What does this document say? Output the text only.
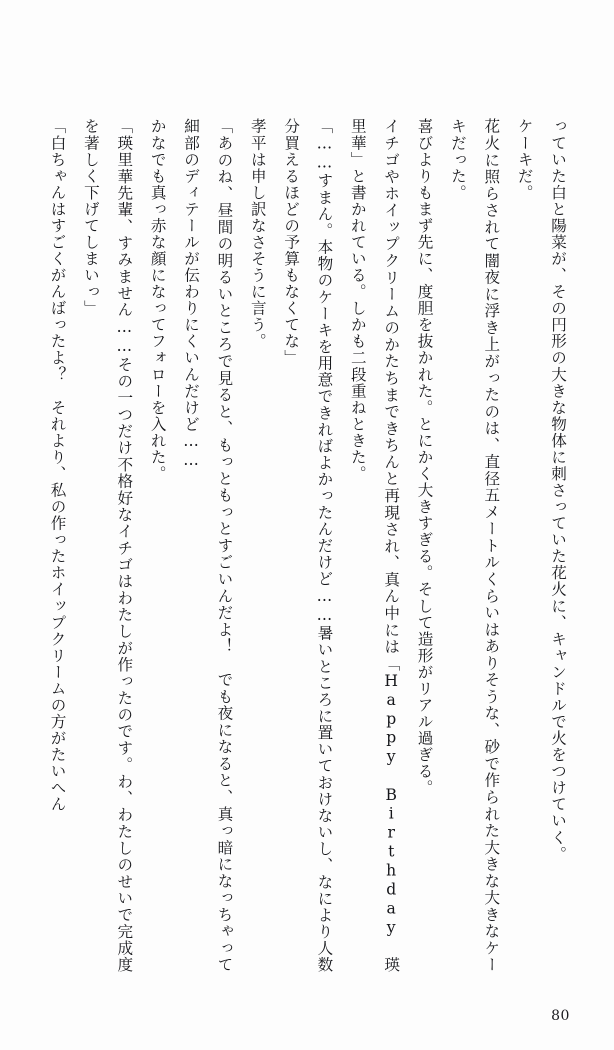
っていた白と陽菜が、その円形の大きな物体に刺さっていた花火に、キャンドルで火をつけていく。

ケーキだ。

花火に照らされて闇夜に浮き上がったのは、直径五メートルくらいはありそうな、砂で作られた大きな大きなケーキだった。

喜びよりもまず先に、度胆を抜かれた。とにかく大きすぎる。そして造形がリアル過ぎる。

イチゴやホイップクリームのかたちまできちんと再現され、真ん中には「Happy Birthday 瑛里華」と書かれている。しかも二段重ねときた。

「……すまん。本物のケーキを用意できればよかったんだけど……暑いところに置いておけないし、なにより人数分買えるほどの予算もなくてな」

孝平は申し訳なさそうに言う。

「あのね、昼間の明るいところで見ると、もっともっとすごいんだよ！　でも夜になると、真っ暗になっちゃって細部のディテールが伝わりにくいんだけど……

かなでも真っ赤な顔になってフォローを入れた。

「瑛里華先輩、すみません……その一つだけ不格好なイチゴはわたしが作ったのです。わ、わたしのせいで完成度を著しく下げてしまいっ」

「白ちゃんはすごくがんばったよ？　それより、私の作ったホイップクリームの方がたいへん

80
